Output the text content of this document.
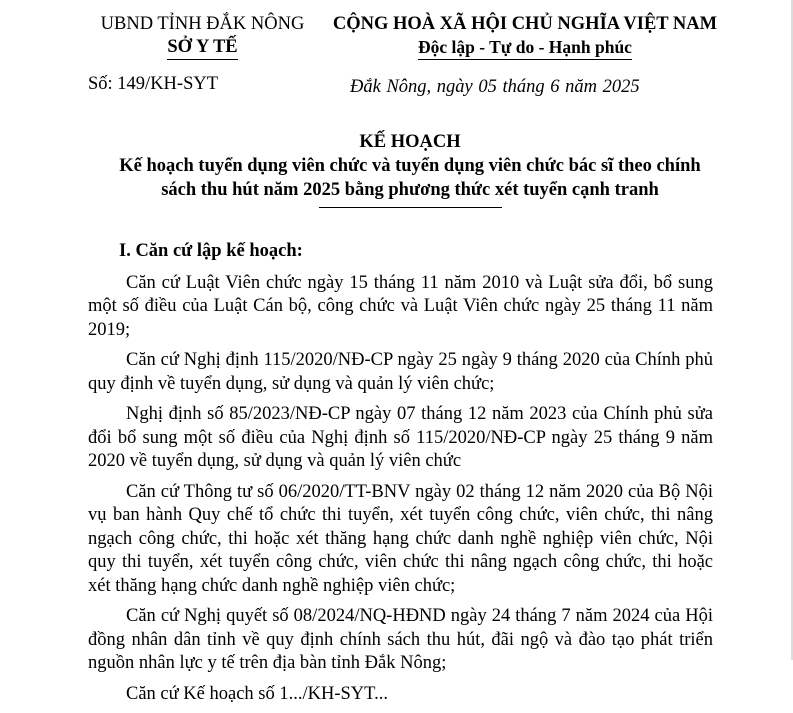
UBND TỈNH ĐẮK NÔNG
SỞ Y TẾ
CỘNG HOÀ XÃ HỘI CHỦ NGHĨA VIỆT NAM
Độc lập - Tự do - Hạnh phúc
Số: 149/KH-SYT	Đắk Nông, ngày 05 tháng 6 năm 2025
KẾ HOẠCH
Kế hoạch tuyển dụng viên chức và tuyển dụng viên chức bác sĩ theo chính
sách thu hút năm 2025 bằng phương thức xét tuyển cạnh tranh
I. Căn cứ lập kế hoạch:

Căn cứ Luật Viên chức ngày 15 tháng 11 năm 2010 và Luật sửa đổi, bổ sung một số điều của Luật Cán bộ, công chức và Luật Viên chức ngày 25 tháng 11 năm 2019;

Căn cứ Nghị định 115/2020/NĐ-CP ngày 25 ngày 9 tháng 2020 của Chính phủ quy định về tuyển dụng, sử dụng và quản lý viên chức;

Nghị định số 85/2023/NĐ-CP ngày 07 tháng 12 năm 2023 của Chính phủ sửa đổi bổ sung một số điều của Nghị định số 115/2020/NĐ-CP ngày 25 tháng 9 năm 2020 về tuyển dụng, sử dụng và quản lý viên chức

Căn cứ Thông tư số 06/2020/TT-BNV ngày 02 tháng 12 năm 2020 của Bộ Nội vụ ban hành Quy chế tổ chức thi tuyển, xét tuyển công chức, viên chức, thi nâng ngạch công chức, thi hoặc xét thăng hạng chức danh nghề nghiệp viên chức, Nội quy thi tuyển, xét tuyển công chức, viên chức thi nâng ngạch công chức, thi hoặc xét thăng hạng chức danh nghề nghiệp viên chức;

Căn cứ Nghị quyết số 08/2024/NQ-HĐND ngày 24 tháng 7 năm 2024 của Hội đồng nhân dân tỉnh về quy định chính sách thu hút, đãi ngộ và đào tạo phát triển nguồn nhân lực y tế trên địa bàn tỉnh Đắk Nông;

Căn cứ Kế hoạch số 1.../KH-SYT...
